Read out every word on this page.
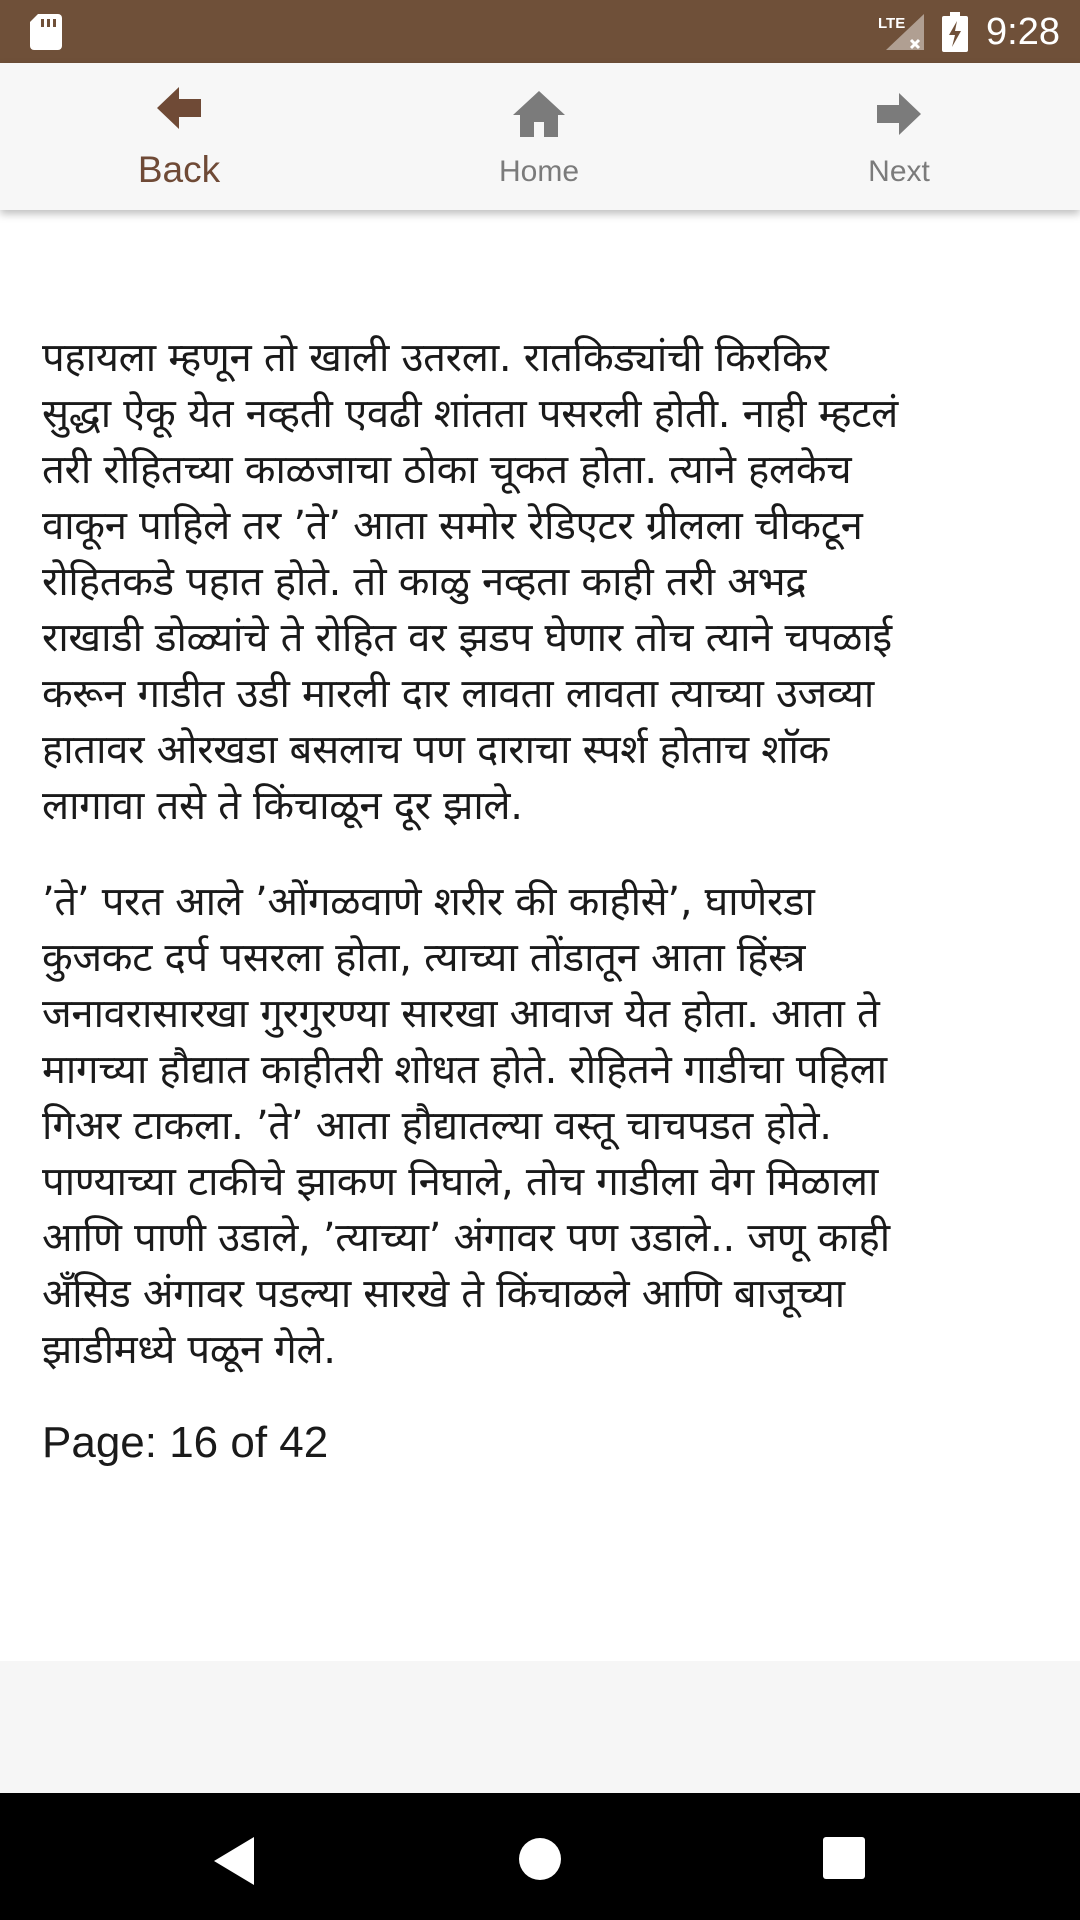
LTE 9:28
Back	Home	Next

पहायला म्हणून तो खाली उतरला. रातकिड्यांची किरकिर
सुद्धा ऐकू येत नव्हती एवढी शांतता पसरली होती. नाही म्हटलं
तरी रोहितच्या काळजाचा ठोका चूकत होता. त्याने हलकेच
वाकून पाहिले तर ’ते’ आता समोर रेडिएटर ग्रीलला चीकटून
रोहितकडे पहात होते. तो काळु नव्हता काही तरी अभद्र
राखाडी डोळ्यांचे ते रोहित वर झडप घेणार तोच त्याने चपळाई
करून गाडीत उडी मारली दार लावता लावता त्याच्या उजव्या
हातावर ओरखडा बसलाच पण दाराचा स्पर्श होताच शॉक
लागावा तसे ते किंचाळून दूर झाले.

’ते’ परत आले ’ओंगळवाणे शरीर की काहीसे’, घाणेरडा
कुजकट दर्प पसरला होता, त्याच्या तोंडातून आता हिंस्त्र
जनावरासारखा गुरगुरण्या सारखा आवाज येत होता. आता ते
मागच्या हौद्यात काहीतरी शोधत होते. रोहितने गाडीचा पहिला
गिअर टाकला. ’ते’ आता हौद्यातल्या वस्तू चाचपडत होते.
पाण्याच्या टाकीचे झाकण निघाले, तोच गाडीला वेग मिळाला
आणि पाणी उडाले, ’त्याच्या’ अंगावर पण उडाले.. जणू काही
अँसिड अंगावर पडल्या सारखे ते किंचाळले आणि बाजूच्या
झाडीमध्ये पळून गेले.

Page: 16 of 42
